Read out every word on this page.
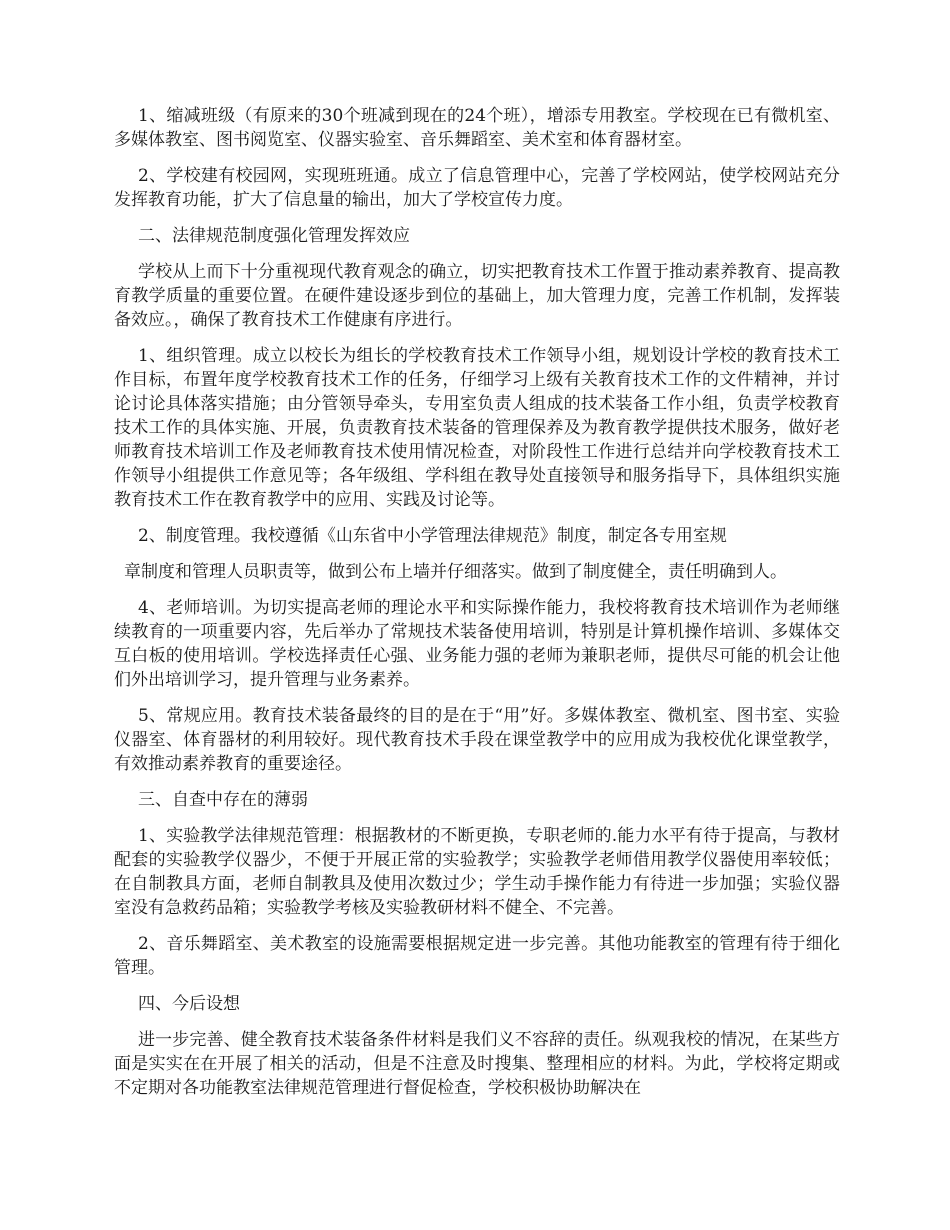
1、缩减班级（有原来的30个班减到现在的24个班），增添专用教室。学校现在已有微机室、多媒体教室、图书阅览室、仪器实验室、音乐舞蹈室、美术室和体育器材室。

2、学校建有校园网，实现班班通。成立了信息管理中心，完善了学校网站，使学校网站充分发挥教育功能，扩大了信息量的输出，加大了学校宣传力度。

二、法律规范制度强化管理发挥效应

学校从上而下十分重视现代教育观念的确立，切实把教育技术工作置于推动素养教育、提高教育教学质量的重要位置。在硬件建设逐步到位的基础上，加大管理力度，完善工作机制，发挥装备效应。，确保了教育技术工作健康有序进行。

1、组织管理。成立以校长为组长的学校教育技术工作领导小组，规划设计学校的教育技术工作目标，布置年度学校教育技术工作的任务，仔细学习上级有关教育技术工作的文件精神，并讨论讨论具体落实措施；由分管领导牵头，专用室负责人组成的技术装备工作小组，负责学校教育技术工作的具体实施、开展，负责教育技术装备的管理保养及为教育教学提供技术服务，做好老师教育技术培训工作及老师教育技术使用情况检查，对阶段性工作进行总结并向学校教育技术工作领导小组提供工作意见等；各年级组、学科组在教导处直接领导和服务指导下，具体组织实施教育技术工作在教育教学中的应用、实践及讨论等。

2、制度管理。我校遵循《山东省中小学管理法律规范》制度，制定各专用室规

章制度和管理人员职责等，做到公布上墙并仔细落实。做到了制度健全，责任明确到人。

4、老师培训。为切实提高老师的理论水平和实际操作能力，我校将教育技术培训作为老师继续教育的一项重要内容，先后举办了常规技术装备使用培训，特别是计算机操作培训、多媒体交互白板的使用培训。学校选择责任心强、业务能力强的老师为兼职老师，提供尽可能的机会让他们外出培训学习，提升管理与业务素养。

5、常规应用。教育技术装备最终的目的是在于“用”好。多媒体教室、微机室、图书室、实验仪器室、体育器材的利用较好。现代教育技术手段在课堂教学中的应用成为我校优化课堂教学，有效推动素养教育的重要途径。

三、自查中存在的薄弱

1、实验教学法律规范管理：根据教材的不断更换，专职老师的.能力水平有待于提高，与教材配套的实验教学仪器少，不便于开展正常的实验教学；实验教学老师借用教学仪器使用率较低；在自制教具方面，老师自制教具及使用次数过少；学生动手操作能力有待进一步加强；实验仪器室没有急救药品箱；实验教学考核及实验教研材料不健全、不完善。

2、音乐舞蹈室、美术教室的设施需要根据规定进一步完善。其他功能教室的管理有待于细化管理。

四、今后设想

进一步完善、健全教育技术装备条件材料是我们义不容辞的责任。纵观我校的情况，在某些方面是实实在在开展了相关的活动，但是不注意及时搜集、整理相应的材料。为此，学校将定期或不定期对各功能教室法律规范管理进行督促检查，学校积极协助解决在
